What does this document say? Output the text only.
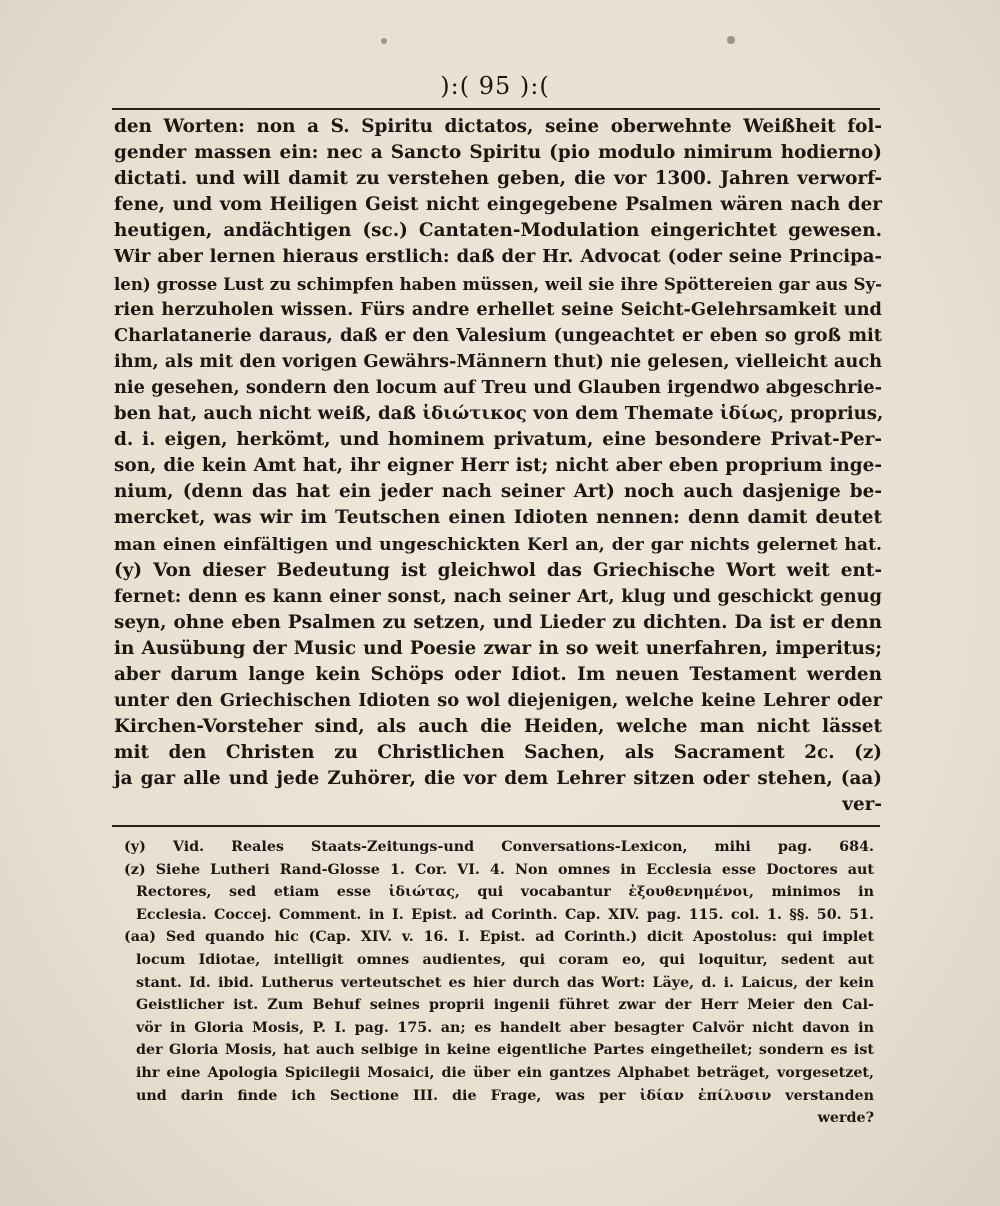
):( 95 ):(
den Worten: non a S. Spiritu dictatos, seine oberwehnte Weißheit fol-
gender massen ein: nec a Sancto Spiritu (pio modulo nimirum hodierno)
dictati. und will damit zu verstehen geben, die vor 1300. Jahren verworf-
fene, und vom Heiligen Geist nicht eingegebene Psalmen wären nach der
heutigen, andächtigen (sc.) Cantaten-Modulation eingerichtet gewesen.
Wir aber lernen hieraus erstlich: daß der Hr. Advocat (oder seine Principa-
len) grosse Lust zu schimpfen haben müssen, weil sie ihre Spöttereien gar aus Sy-
rien herzuholen wissen. Fürs andre erhellet seine Seicht-Gelehrsamkeit und
Charlatanerie daraus, daß er den Valesium (ungeachtet er eben so groß mit
ihm, als mit den vorigen Gewährs-Männern thut) nie gelesen, vielleicht auch
nie gesehen, sondern den locum auf Treu und Glauben irgendwo abgeschrie-
ben hat, auch nicht weiß, daß ἰδιώτικος von dem Themate ἰδίως, proprius,
d. i. eigen, herkömt, und hominem privatum, eine besondere Privat-Per-
son, die kein Amt hat, ihr eigner Herr ist; nicht aber eben proprium inge-
nium, (denn das hat ein jeder nach seiner Art) noch auch dasjenige be-
mercket, was wir im Teutschen einen Idioten nennen: denn damit deutet
man einen einfältigen und ungeschickten Kerl an, der gar nichts gelernet hat.
(y) Von dieser Bedeutung ist gleichwol das Griechische Wort weit ent-
fernet: denn es kann einer sonst, nach seiner Art, klug und geschickt genug
seyn, ohne eben Psalmen zu setzen, und Lieder zu dichten. Da ist er denn
in Ausübung der Music und Poesie zwar in so weit unerfahren, imperitus;
aber darum lange kein Schöps oder Idiot. Im neuen Testament werden
unter den Griechischen Idioten so wol diejenigen, welche keine Lehrer oder
Kirchen-Vorsteher sind, als auch die Heiden, welche man nicht lässet
mit den Christen zu Christlichen Sachen, als Sacrament 2c. (z)
ja gar alle und jede Zuhörer, die vor dem Lehrer sitzen oder stehen, (aa)
ver-
(y) Vid. Reales Staats-Zeitungs-und Conversations-Lexicon, mihi pag. 684.
(z) Siehe Lutheri Rand-Glosse 1. Cor. VI. 4. Non omnes in Ecclesia esse Doctores aut
Rectores, sed etiam esse ἰδιώτας, qui vocabantur ἐξουθενημένοι, minimos in
Ecclesia. Coccej. Comment. in I. Epist. ad Corinth. Cap. XIV. pag. 115. col. 1. §§. 50. 51.
(aa) Sed quando hic (Cap. XIV. v. 16. I. Epist. ad Corinth.) dicit Apostolus: qui implet
locum Idiotae, intelligit omnes audientes, qui coram eo, qui loquitur, sedent aut
stant. Id. ibid. Lutherus verteutschet es hier durch das Wort: Läye, d. i. Laicus, der kein
Geistlicher ist. Zum Behuf seines proprii ingenii führet zwar der Herr Meier den Cal-
vör in Gloria Mosis, P. I. pag. 175. an; es handelt aber besagter Calvör nicht davon in
der Gloria Mosis, hat auch selbige in keine eigentliche Partes eingetheilet; sondern es ist
ihr eine Apologia Spicilegii Mosaici, die über ein gantzes Alphabet beträget, vorgesetzet,
und darin finde ich Sectione III. die Frage, was per ἰδίαν ἐπίλυσιν verstanden
werde?
